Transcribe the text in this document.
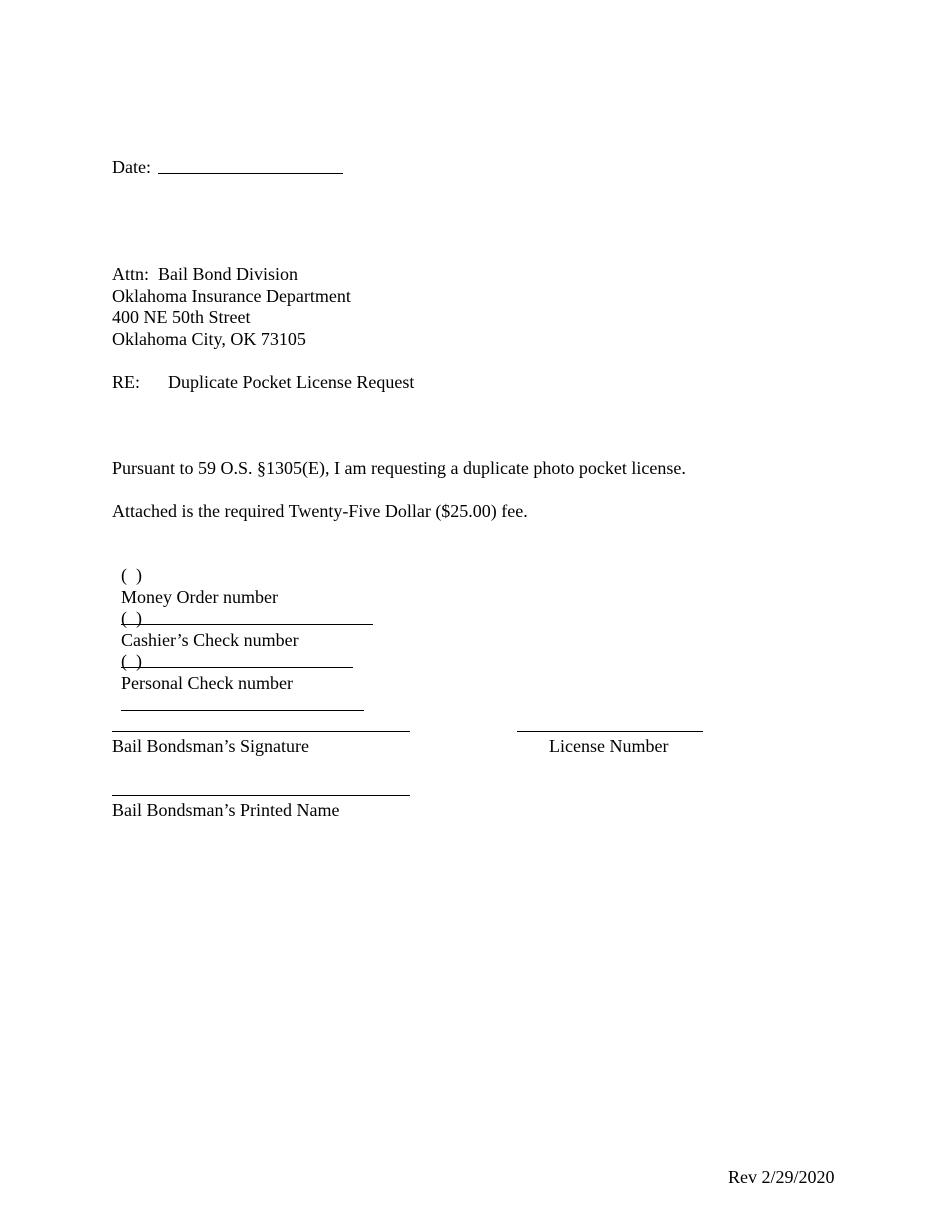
Date:
Attn:  Bail Bond Division
Oklahoma Insurance Department
400 NE 50th Street
Oklahoma City, OK 73105
RE: Duplicate Pocket License Request
Pursuant to 59 O.S. §1305(E), I am requesting a duplicate photo pocket license.
Attached is the required Twenty-Five Dollar ($25.00) fee.

(  )
Money Order number

(  )
Cashier’s Check number

(  )
Personal Check number

Bail Bondsman’s Signature	License Number
Bail Bondsman’s Printed Name
Rev 2/29/2020
